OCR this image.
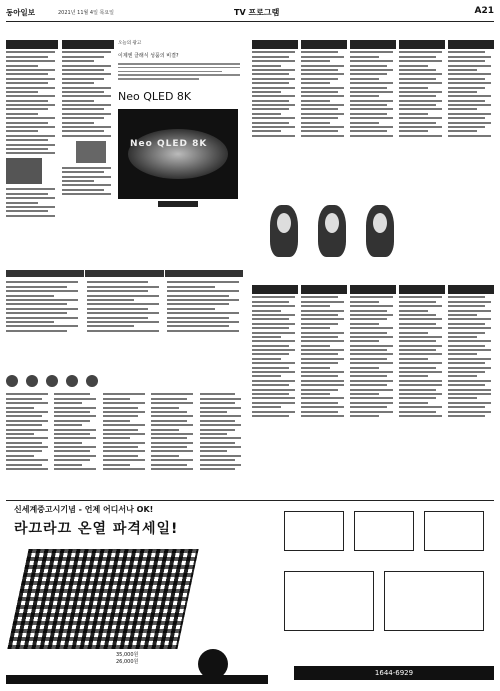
동아일보	2021년 11월 4일 목요일	TV 프로그램	A21
오늘의 광고
이제엔 클래식 성품의 비결?
Neo QLED 8K
Neo QLED 8K
신세계중고시기념 - 언제 어디서나 OK!
라끄라끄 온열 파격세일!
35,000원
26,000원
1644-6929
